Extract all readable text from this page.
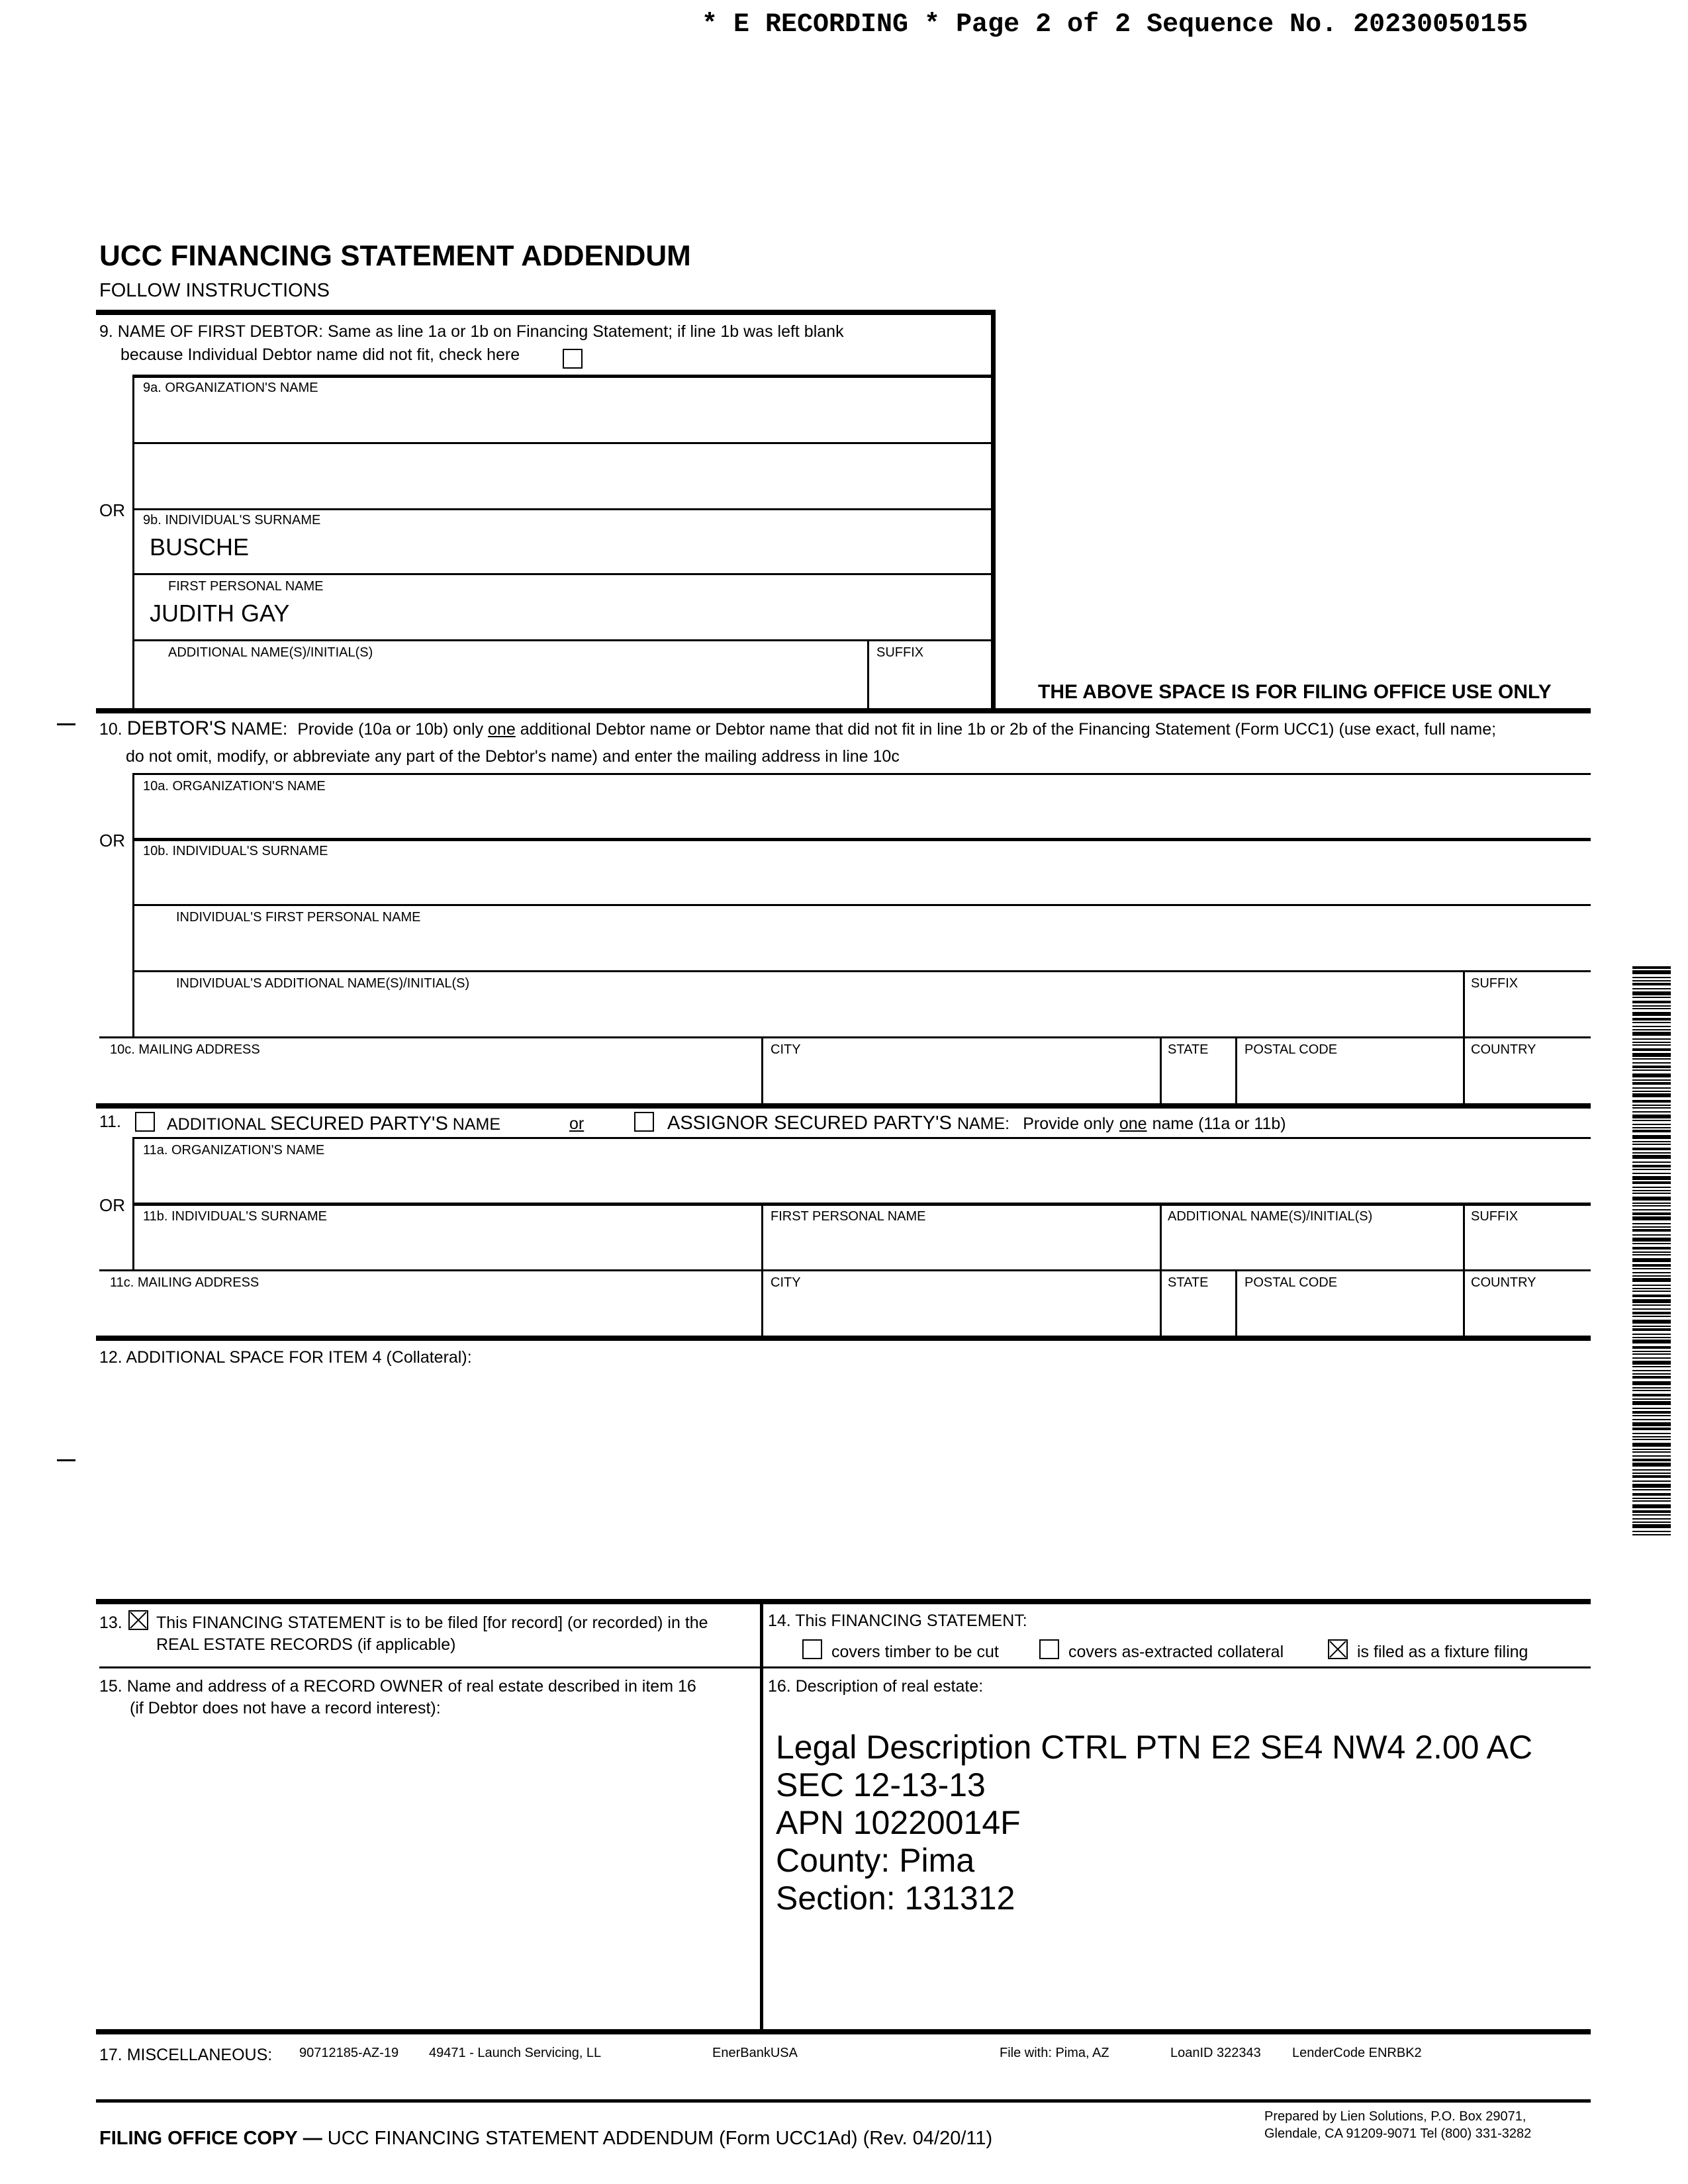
* E RECORDING * Page 2 of 2 Sequence No. 20230050155
UCC FINANCING STATEMENT ADDENDUM
FOLLOW INSTRUCTIONS
9. NAME OF FIRST DEBTOR: Same as line 1a or 1b on Financing Statement; if line 1b was left blank
because Individual Debtor name did not fit, check here
9a. ORGANIZATION'S NAME
OR 9b. INDIVIDUAL'S SURNAME
BUSCHE
FIRST PERSONAL NAME
JUDITH GAY
ADDITIONAL NAME(S)/INITIAL(S)	SUFFIX
THE ABOVE SPACE IS FOR FILING OFFICE USE ONLY
10. DEBTOR'S NAME: Provide (10a or 10b) only one additional Debtor name or Debtor name that did not fit in line 1b or 2b of the Financing Statement (Form UCC1) (use exact, full name;
do not omit, modify, or abbreviate any part of the Debtor's name) and enter the mailing address in line 10c
10a. ORGANIZATION'S NAME
OR
10b. INDIVIDUAL'S SURNAME
INDIVIDUAL'S FIRST PERSONAL NAME
INDIVIDUAL'S ADDITIONAL NAME(S)/INITIAL(S)	SUFFIX
10c. MAILING ADDRESS	CITY	STATE	POSTAL CODE	COUNTRY
11.	ADDITIONAL SECURED PARTY'S NAME	or	ASSIGNOR SECURED PARTY'S NAME: Provide only one name (11a or 11b)
11a. ORGANIZATION'S NAME
OR
11b. INDIVIDUAL'S SURNAME	FIRST PERSONAL NAME	ADDITIONAL NAME(S)/INITIAL(S)	SUFFIX
11c. MAILING ADDRESS	CITY	STATE	POSTAL CODE	COUNTRY
12. ADDITIONAL SPACE FOR ITEM 4 (Collateral):
13. This FINANCING STATEMENT is to be filed [for record] (or recorded) in the
REAL ESTATE RECORDS (if applicable)
14. This FINANCING STATEMENT:
covers timber to be cut	covers as-extracted collateral	is filed as a fixture filing
15. Name and address of a RECORD OWNER of real estate described in item 16
(if Debtor does not have a record interest):
16. Description of real estate:
Legal Description CTRL PTN E2 SE4 NW4 2.00 AC
SEC 12-13-13
APN 10220014F
County: Pima
Section: 131312
17. MISCELLANEOUS: 90712185-AZ-19 49471 - Launch Servicing, LL	EnerBankUSA	File with: Pima, AZ	LoanID 322343 LenderCode ENRBK2
FILING OFFICE COPY — UCC FINANCING STATEMENT ADDENDUM (Form UCC1Ad) (Rev. 04/20/11)
Prepared by Lien Solutions, P.O. Box 29071,
Glendale, CA 91209-9071 Tel (800) 331-3282
